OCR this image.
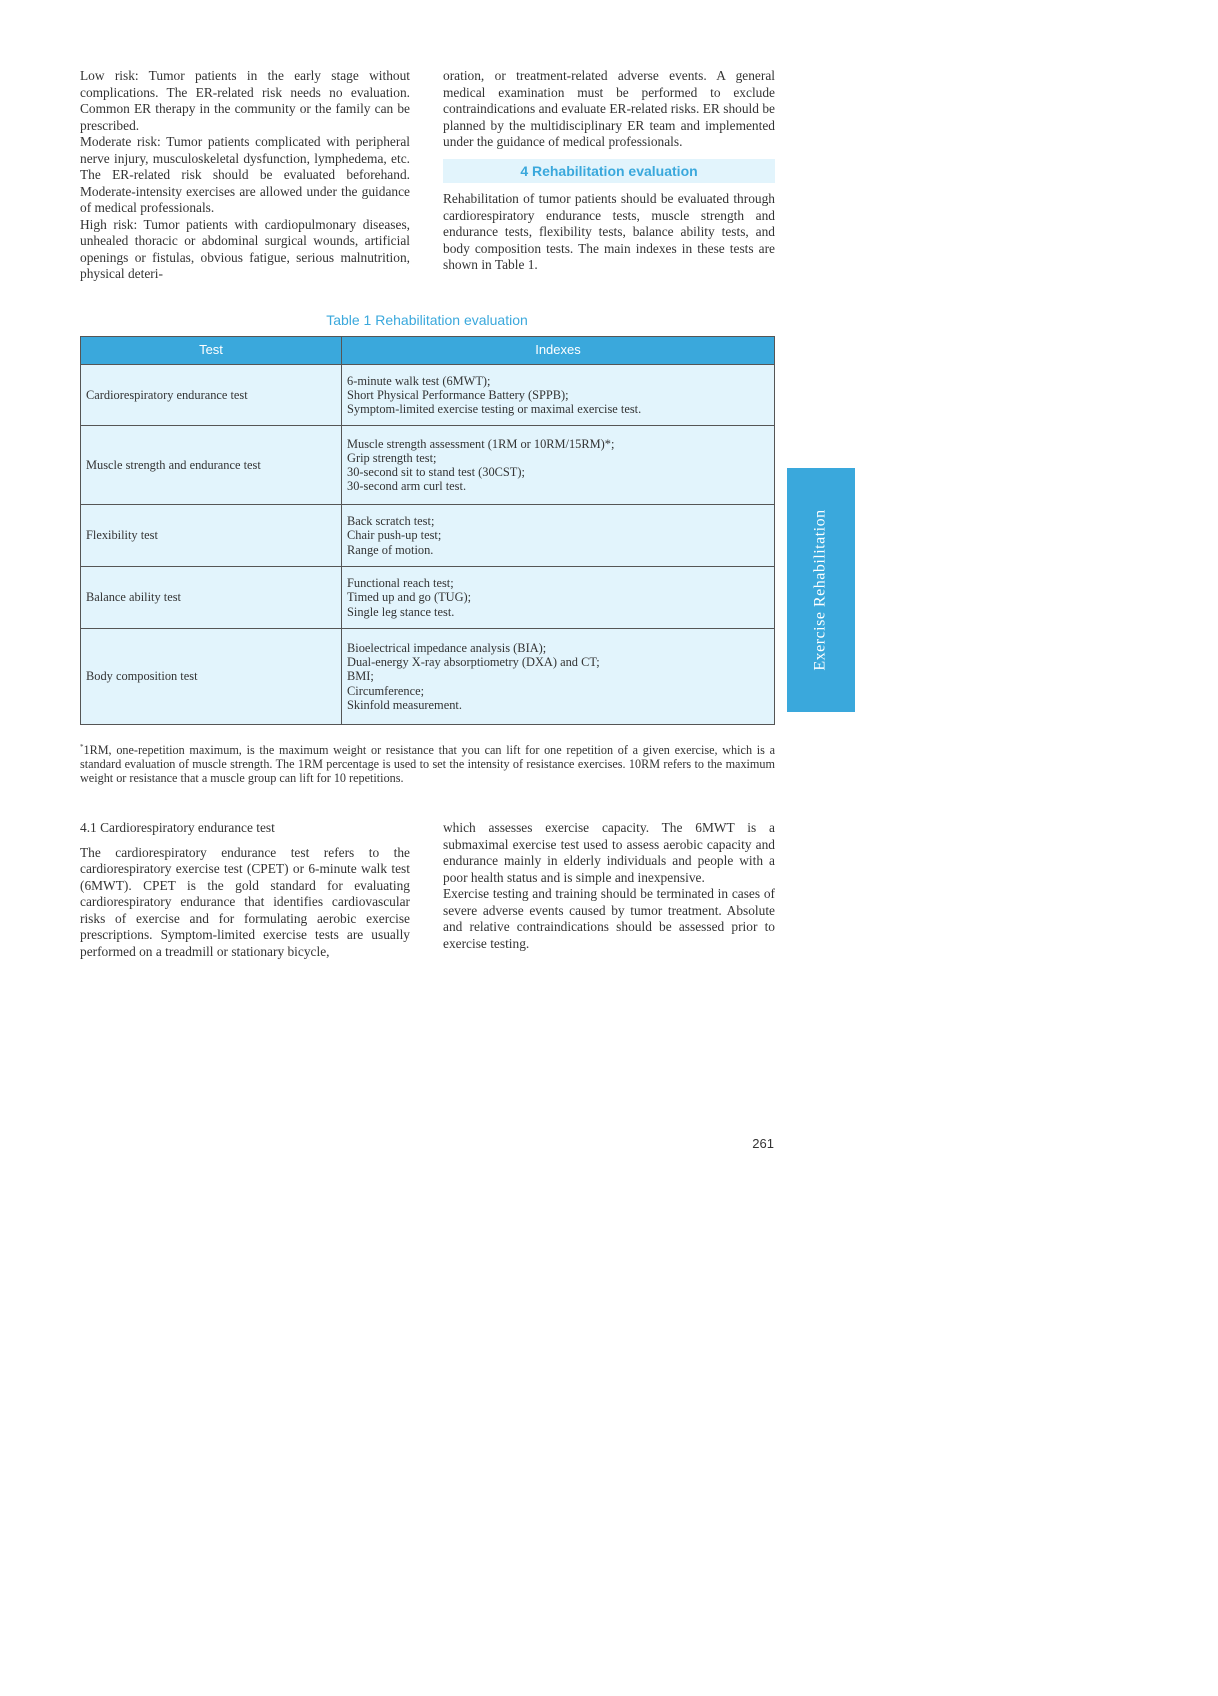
Low risk: Tumor patients in the early stage without complications. The ER-related risk needs no evaluation. Common ER therapy in the community or the family can be prescribed.

Moderate risk: Tumor patients complicated with peripheral nerve injury, musculoskeletal dysfunction, lymphedema, etc. The ER-related risk should be evaluated beforehand. Moderate-intensity exercises are allowed under the guidance of medical professionals.

High risk: Tumor patients with cardiopulmonary diseases, unhealed thoracic or abdominal surgical wounds, artificial openings or fistulas, obvious fatigue, serious malnutrition, physical deteri-

oration, or treatment-related adverse events. A general medical examination must be performed to exclude contraindications and evaluate ER-related risks. ER should be planned by the multidisciplinary ER team and implemented under the guidance of medical professionals.

4 Rehabilitation evaluation

Rehabilitation of tumor patients should be evaluated through cardiorespiratory endurance tests, muscle strength and endurance tests, flexibility tests, balance ability tests, and body composition tests. The main indexes in these tests are shown in Table 1.

Table 1 Rehabilitation evaluation
Test	Indexes
Cardiorespiratory endurance test	6-minute walk test (6MWT);
Short Physical Performance Battery (SPPB);
Symptom-limited exercise testing or maximal exercise test.

Muscle strength and endurance test	Muscle strength assessment (1RM or 10RM/15RM)*;
Grip strength test;
30-second sit to stand test (30CST);
30-second arm curl test.

Flexibility test	Back scratch test;
Chair push-up test;
Range of motion.

Balance ability test	Functional reach test;
Timed up and go (TUG);
Single leg stance test.

Body composition test	Bioelectrical impedance analysis (BIA);
Dual-energy X-ray absorptiometry (DXA) and CT;
BMI;
Circumference;
Skinfold measurement.
*1RM, one-repetition maximum, is the maximum weight or resistance that you can lift for one repetition of a given exercise, which is a standard evaluation of muscle strength. The 1RM percentage is used to set the intensity of resistance exercises. 10RM refers to the maximum weight or resistance that a muscle group can lift for 10 repetitions.

4.1 Cardiorespiratory endurance test

The cardiorespiratory endurance test refers to the cardiorespiratory exercise test (CPET) or 6-minute walk test (6MWT). CPET is the gold standard for evaluating cardiorespiratory endurance that identifies cardiovascular risks of exercise and for formulating aerobic exercise prescriptions. Symptom-limited exercise tests are usually performed on a treadmill or stationary bicycle,

which assesses exercise capacity. The 6MWT is a submaximal exercise test used to assess aerobic capacity and endurance mainly in elderly individuals and people with a poor health status and is simple and inexpensive.

Exercise testing and training should be terminated in cases of severe adverse events caused by tumor treatment. Absolute and relative contraindications should be assessed prior to exercise testing.

Exercise Rehabilitation
261
